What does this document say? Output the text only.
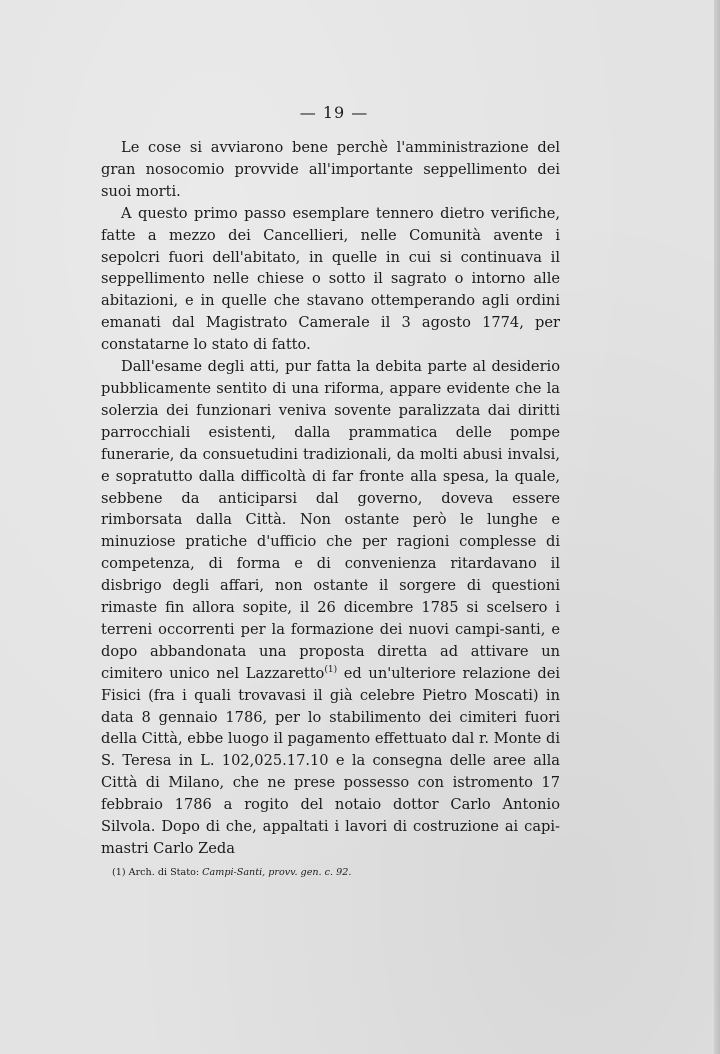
— 19 —

Le cose si avviarono bene perchè l'amministrazione del gran nosocomio provvide all'importante seppellimento dei suoi morti.

A questo primo passo esemplare tennero dietro verifiche, fatte a mezzo dei Cancellieri, nelle Comunità avente i sepolcri fuori dell'abitato, in quelle in cui si continuava il seppellimento nelle chiese o sotto il sagrato o intorno alle abitazioni, e in quelle che stavano ottemperando agli ordini emanati dal Magistrato Camerale il 3 agosto 1774, per constatarne lo stato di fatto.

Dall'esame degli atti, pur fatta la debita parte al desiderio pubblicamente sentito di una riforma, appare evidente che la solerzia dei funzionari veniva sovente paralizzata dai diritti parrocchiali esistenti, dalla prammatica delle pompe funerarie, da consuetudini tradizionali, da molti abusi invalsi, e sopratutto dalla difficoltà di far fronte alla spesa, la quale, sebbene da anticiparsi dal governo, doveva essere rimborsata dalla Città. Non ostante però le lunghe e minuziose pratiche d'ufficio che per ragioni complesse di competenza, di forma e di convenienza ritardavano il disbrigo degli affari, non ostante il sorgere di questioni rimaste fin allora sopite, il 26 dicembre 1785 si scelsero i terreni occorrenti per la formazione dei nuovi campi-santi, e dopo abbandonata una proposta diretta ad attivare un cimitero unico nel Lazzaretto$^{(1)}$ ed un'ulteriore relazione dei Fisici (fra i quali trovavasi il già celebre Pietro Moscati) in data 8 gennaio 1786, per lo stabilimento dei cimiteri fuori della Città, ebbe luogo il pagamento effettuato dal r. Monte di S. Teresa in L. 102,025.17.10 e la consegna delle aree alla Città di Milano, che ne prese possesso con istromento 17 febbraio 1786 a rogito del notaio dottor Carlo Antonio Silvola. Dopo di che, appaltati i lavori di costruzione ai capi-mastri Carlo Zeda

(1) Arch. di Stato: Campi-Santi, provv. gen. c. 92.
